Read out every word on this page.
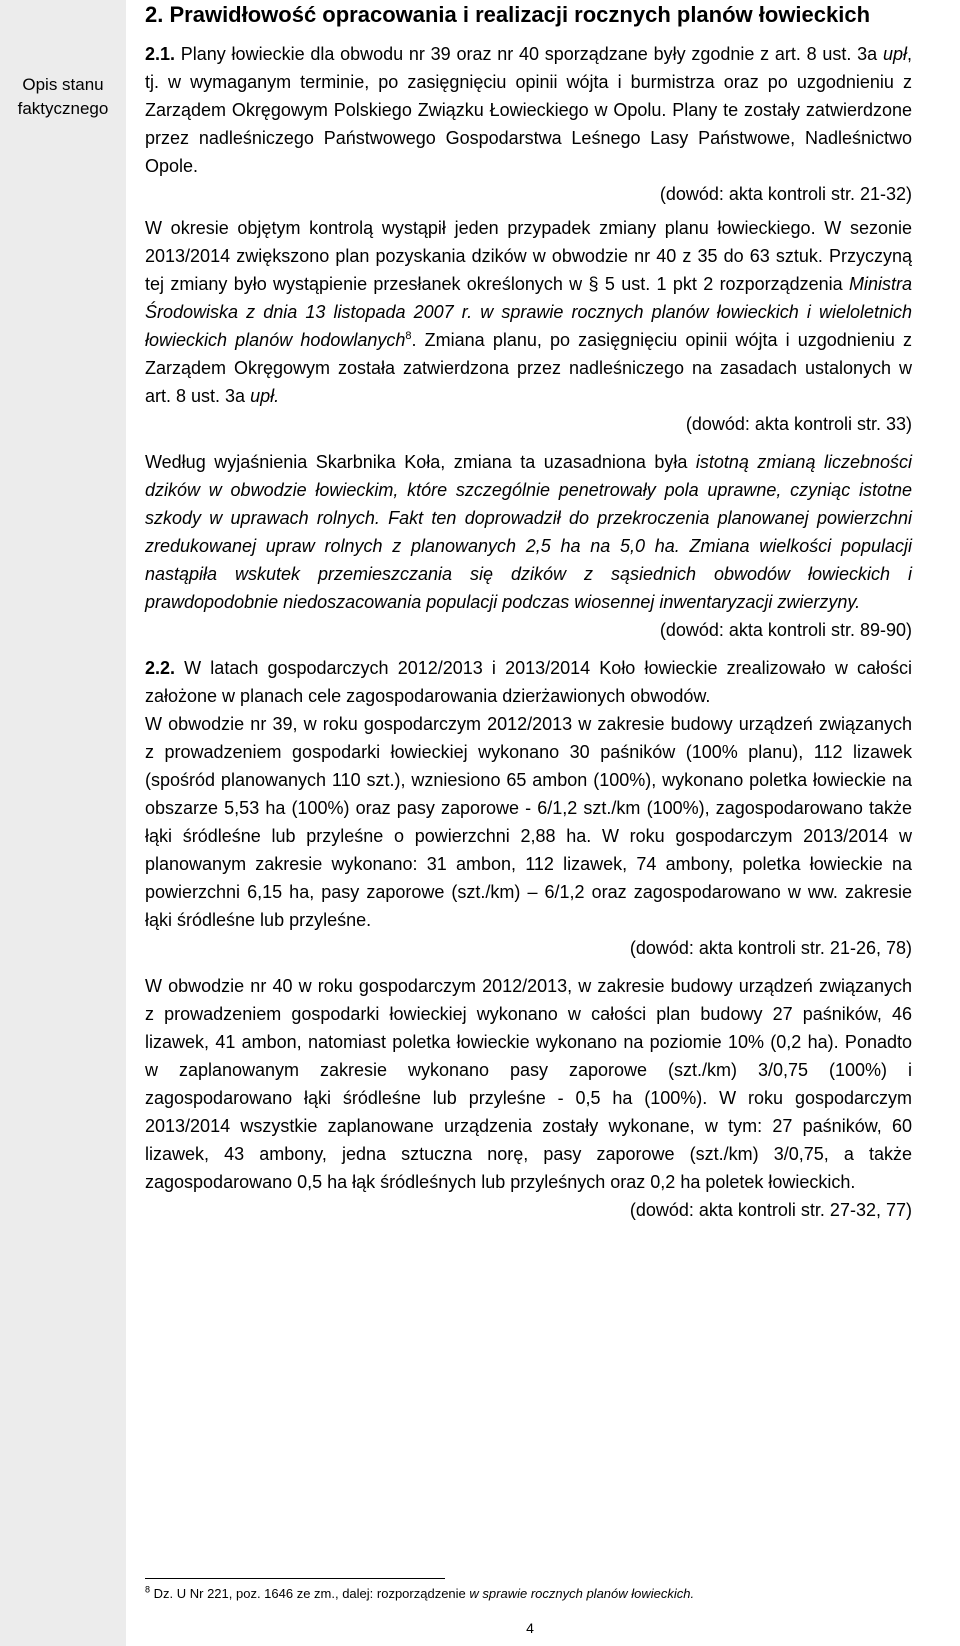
Opis stanu faktycznego
2. Prawidłowość opracowania i realizacji rocznych planów łowieckich

2.1. Plany łowieckie dla obwodu nr 39 oraz nr 40 sporządzane były zgodnie z art. 8 ust. 3a upł, tj. w wymaganym terminie, po zasięgnięciu opinii wójta i burmistrza oraz po uzgodnieniu z Zarządem Okręgowym Polskiego Związku Łowieckiego w Opolu. Plany te zostały zatwierdzone przez nadleśniczego Państwowego Gospodarstwa Leśnego Lasy Państwowe, Nadleśnictwo Opole.

(dowód: akta kontroli str. 21-32)

W okresie objętym kontrolą wystąpił jeden przypadek zmiany planu łowieckiego. W sezonie 2013/2014 zwiększono plan pozyskania dzików w obwodzie nr 40 z 35 do 63 sztuk. Przyczyną tej zmiany było wystąpienie przesłanek określonych w § 5 ust. 1 pkt 2 rozporządzenia Ministra Środowiska z dnia 13 listopada 2007 r. w sprawie rocznych planów łowieckich i wieloletnich łowieckich planów hodowlanych$^8$. Zmiana planu, po zasięgnięciu opinii wójta i uzgodnieniu z Zarządem Okręgowym została zatwierdzona przez nadleśniczego na zasadach ustalonych w art. 8 ust. 3a upł.

(dowód: akta kontroli str. 33)

Według wyjaśnienia Skarbnika Koła, zmiana ta uzasadniona była istotną zmianą liczebności dzików w obwodzie łowieckim, które szczególnie penetrowały pola uprawne, czyniąc istotne szkody w uprawach rolnych. Fakt ten doprowadził do przekroczenia planowanej powierzchni zredukowanej upraw rolnych z planowanych 2,5 ha na 5,0 ha. Zmiana wielkości populacji nastąpiła wskutek przemieszczania się dzików z sąsiednich obwodów łowieckich i prawdopodobnie niedoszacowania populacji podczas wiosennej inwentaryzacji zwierzyny.

(dowód: akta kontroli str. 89-90)

2.2. W latach gospodarczych 2012/2013 i 2013/2014 Koło łowieckie zrealizowało w całości założone w planach cele zagospodarowania dzierżawionych obwodów.

W obwodzie nr 39, w roku gospodarczym 2012/2013 w zakresie budowy urządzeń związanych z prowadzeniem gospodarki łowieckiej wykonano 30 paśników (100% planu), 112 lizawek (spośród planowanych 110 szt.), wzniesiono 65 ambon (100%), wykonano poletka łowieckie na obszarze 5,53 ha (100%) oraz pasy zaporowe - 6/1,2 szt./km (100%), zagospodarowano także łąki śródleśne lub przyleśne o powierzchni 2,88 ha. W roku gospodarczym 2013/2014 w planowanym zakresie wykonano: 31 ambon, 112 lizawek, 74 ambony, poletka łowieckie na powierzchni 6,15 ha, pasy zaporowe (szt./km) – 6/1,2 oraz zagospodarowano w ww. zakresie łąki śródleśne lub przyleśne.

(dowód: akta kontroli str. 21-26, 78)

W obwodzie nr 40 w roku gospodarczym 2012/2013, w zakresie budowy urządzeń związanych z prowadzeniem gospodarki łowieckiej wykonano w całości plan budowy 27 paśników, 46 lizawek, 41 ambon, natomiast poletka łowieckie wykonano na poziomie 10% (0,2 ha). Ponadto w zaplanowanym zakresie wykonano pasy zaporowe (szt./km) 3/0,75 (100%) i zagospodarowano łąki śródleśne lub przyleśne - 0,5 ha (100%). W roku gospodarczym 2013/2014 wszystkie zaplanowane urządzenia zostały wykonane, w tym: 27 paśników, 60 lizawek, 43 ambony, jedna sztuczna norę, pasy zaporowe (szt./km) 3/0,75, a także zagospodarowano 0,5 ha łąk śródleśnych lub przyleśnych oraz 0,2 ha poletek łowieckich.

(dowód: akta kontroli str. 27-32, 77)

$^8$ Dz. U Nr 221, poz. 1646 ze zm., dalej: rozporządzenie w sprawie rocznych planów łowieckich.
4
